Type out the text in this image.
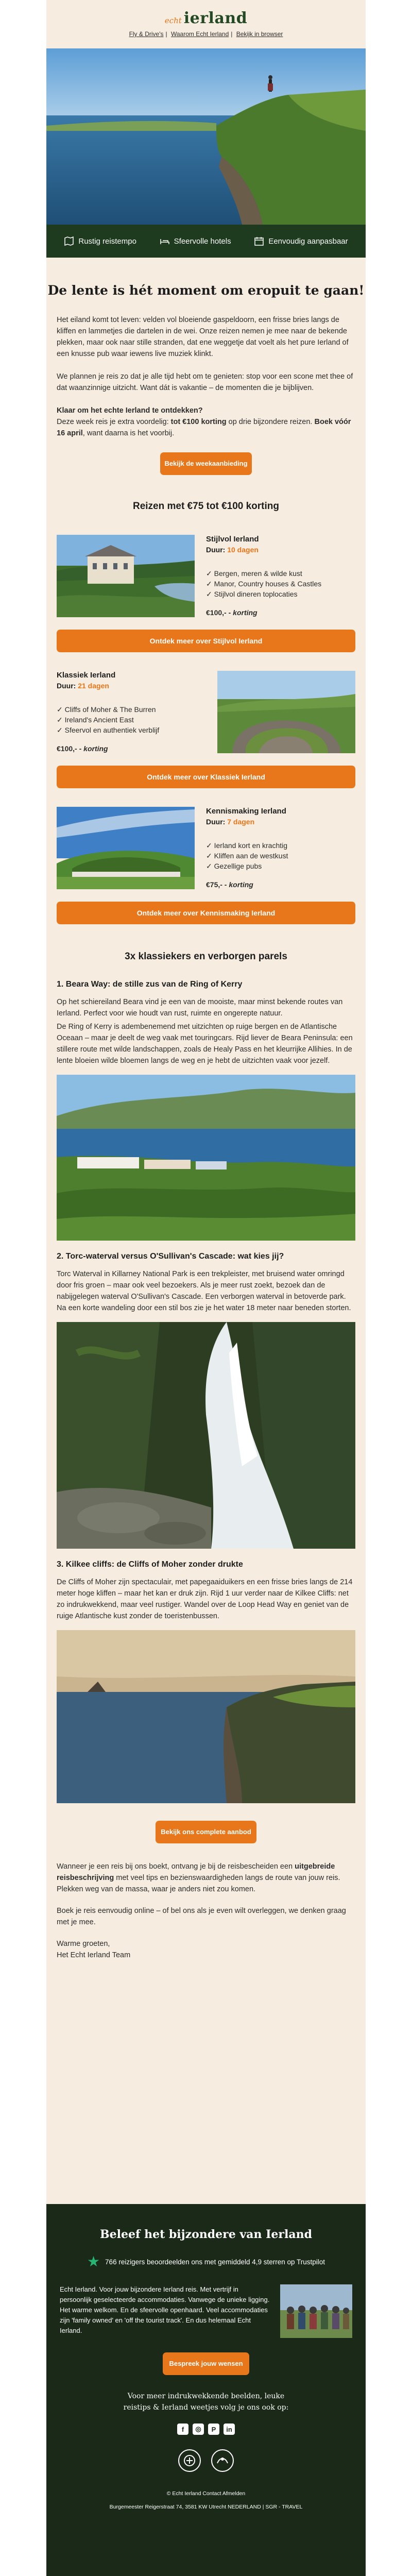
echt ierland
Fly & Drive's | Waarom Echt Ierland | Bekijk in browser
Rustig reistempo	Sfeervolle hotels	Eenvoudig aanpasbaar
De lente is hét moment om eropuit te gaan!

Het eiland komt tot leven: velden vol bloeiende gaspeldoorn, een frisse bries langs de kliffen en lammetjes die dartelen in de wei. Onze reizen nemen je mee naar de bekende plekken, maar ook naar stille stranden, dat ene weggetje dat voelt als het pure Ierland of een knusse pub waar iewens live muziek klinkt.

We plannen je reis zo dat je alle tijd hebt om te genieten: stop voor een scone met thee of dat waanzinnige uitzicht. Want dát is vakantie – de momenten die je bijblijven.

Klaar om het echte Ierland te ontdekken?
Deze week reis je extra voordelig: tot €100 korting op drie bijzondere reizen. Boek vóór 16 april, want daarna is het voorbij.

Bekijk de weekaanbieding
Reizen met €75 tot €100 korting
Stijlvol Ierland
Duur: 10 dagen
✓ Bergen, meren & wilde kust
✓ Manor, Country houses & Castles
✓ Stijlvol dineren toplocaties
€100,- - korting
Ontdek meer over Stijlvol Ierland
Klassiek Ierland
Duur: 21 dagen
✓ Cliffs of Moher & The Burren
✓ Ireland's Ancient East
✓ Sfeervol en authentiek verblijf
€100,- - korting
Ontdek meer over Klassiek Ierland
Kennismaking Ierland
Duur: 7 dagen
✓ Ierland kort en krachtig
✓ Kliffen aan de westkust
✓ Gezellige pubs
€75,- - korting
Ontdek meer over Kennismaking Ierland
3x klassiekers en verborgen parels
1. Beara Way: de stille zus van de Ring of Kerry

Op het schiereiland Beara vind je een van de mooiste, maar minst bekende routes van Ierland. Perfect voor wie houdt van rust, ruimte en ongerepte natuur.

De Ring of Kerry is adembenemend met uitzichten op ruige bergen en de Atlantische Oceaan – maar je deelt de weg vaak met touringcars. Rijd liever de Beara Peninsula: een stillere route met wilde landschappen, zoals de Healy Pass en het kleurrijke Allihies. In de lente bloeien wilde bloemen langs de weg en je hebt de uitzichten vaak voor jezelf.

2. Torc-waterval versus O'Sullivan's Cascade: wat kies jij?

Torc Waterval in Killarney National Park is een trekpleister, met bruisend water omringd door fris groen – maar ook veel bezoekers. Als je meer rust zoekt, bezoek dan de nabijgelegen waterval O'Sullivan's Cascade. Een verborgen waterval in betoverde park. Na een korte wandeling door een stil bos zie je het water 18 meter naar beneden storten.

3. Kilkee cliffs: de Cliffs of Moher zonder drukte

De Cliffs of Moher zijn spectaculair, met papegaaiduikers en een frisse bries langs de 214 meter hoge kliffen – maar het kan er druk zijn. Rijd 1 uur verder naar de Kilkee Cliffs: net zo indrukwekkend, maar veel rustiger. Wandel over de Loop Head Way en geniet van de ruige Atlantische kust zonder de toeristenbussen.

Bekijk ons complete aanbod

Wanneer je een reis bij ons boekt, ontvang je bij de reisbescheiden een uitgebreide reisbeschrijving met veel tips en bezienswaardigheden langs de route van jouw reis. Plekken weg van de massa, waar je anders niet zou komen.

Boek je reis eenvoudig online – of bel ons als je even wilt overleggen, we denken graag met je mee.

Warme groeten,
Het Echt Ierland Team

Beleef het bijzondere van Ierland
★ 766 reizigers beoordeelden ons met gemiddeld 4,9 sterren op Trustpilot

Echt Ierland. Voor jouw bijzondere Ierland reis. Met vertrijf in persoonlijk geselecteerde accommodaties. Vanwege de unieke ligging. Het warme welkom. En de sfeervolle openhaard. Veel accommodaties zijn 'family owned' en 'off the tourist track'. En dus helemaal Echt Ierland.

Bespreek jouw wensen

Voor meer indrukwekkende beelden, leuke reistips & Ierland weetjes volg je ons ook op:

f	◎	P	in
© Echt Ierland Contact Afmelden
Burgemeester Reigerstraat 74, 3581 KW Utrecht NEDERLAND | SGR - TRAVEL
